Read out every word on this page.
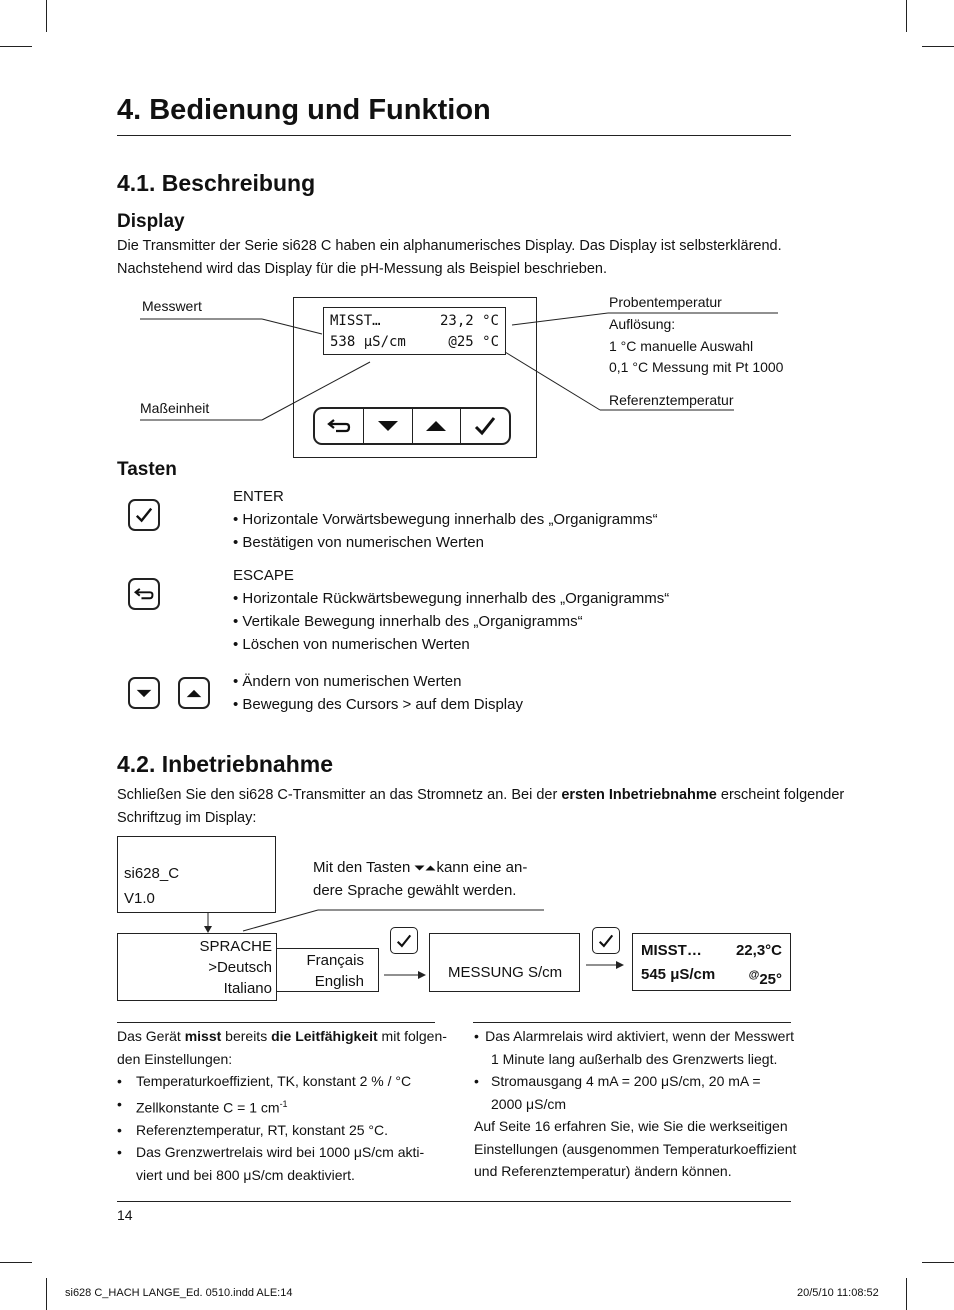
4. Bedienung und Funktion
4.1. Beschreibung
Display
Die Transmitter der Serie si628 C haben ein alphanumerisches Display. Das Display ist selbsterklärend.
Nachstehend wird das Display für die pH-Messung als Beispiel beschrieben.
Messwert
Maßeinheit
Probentemperatur
Auflösung:
1 °C manuelle Auswahl
0,1 °C Messung mit Pt 1000
Referenztemperatur
MISST…	23,2 °C
538 μS/cm	@25 °C
Tasten
ENTER
• Horizontale Vorwärtsbewegung innerhalb des „Organigramms“
• Bestätigen von numerischen Werten
ESCAPE
• Horizontale Rückwärtsbewegung innerhalb des „Organigramms“
• Vertikale Bewegung innerhalb des „Organigramms“
• Löschen von numerischen Werten
• Ändern von numerischen Werten
• Bewegung des Cursors > auf dem Display
4.2. Inbetriebnahme
Schließen Sie den si628 C-Transmitter an das Stromnetz an. Bei der ersten Inbetriebnahme erscheint folgender
Schriftzug im Display:
si628_C
V1.0
Mit den Tasten kann eine an-
dere Sprache gewählt werden.
SPRACHE
>Deutsch
Italiano
Français
English
MESSUNG S/cm
MISST… 22,3°C
545 μS/cm	@25°
Das Gerät misst bereits die Leitfähigkeit mit folgen-
den Einstellungen:
•	Temperaturkoeffizient, TK, konstant 2 % / °C
•	Zellkonstante C = 1 $cm^{-1}$
•	Referenztemperatur, RT, konstant 25 °C.
•	Das Grenzwertrelais wird bei 1000 μS/cm akti-
viert und bei 800 μS/cm deaktiviert.
• Das Alarmrelais wird aktiviert, wenn der Messwert
1 Minute lang außerhalb des Grenzwerts liegt.
• Stromausgang 4 mA = 200 μS/cm, 20 mA =
2000 μS/cm
Auf Seite 16 erfahren Sie, wie Sie die werkseitigen
Einstellungen (ausgenommen Temperaturkoeffizient
und Referenztemperatur) ändern können.
14
si628 C_HACH LANGE_Ed. 0510.indd ALE:14	20/5/10 11:08:52
